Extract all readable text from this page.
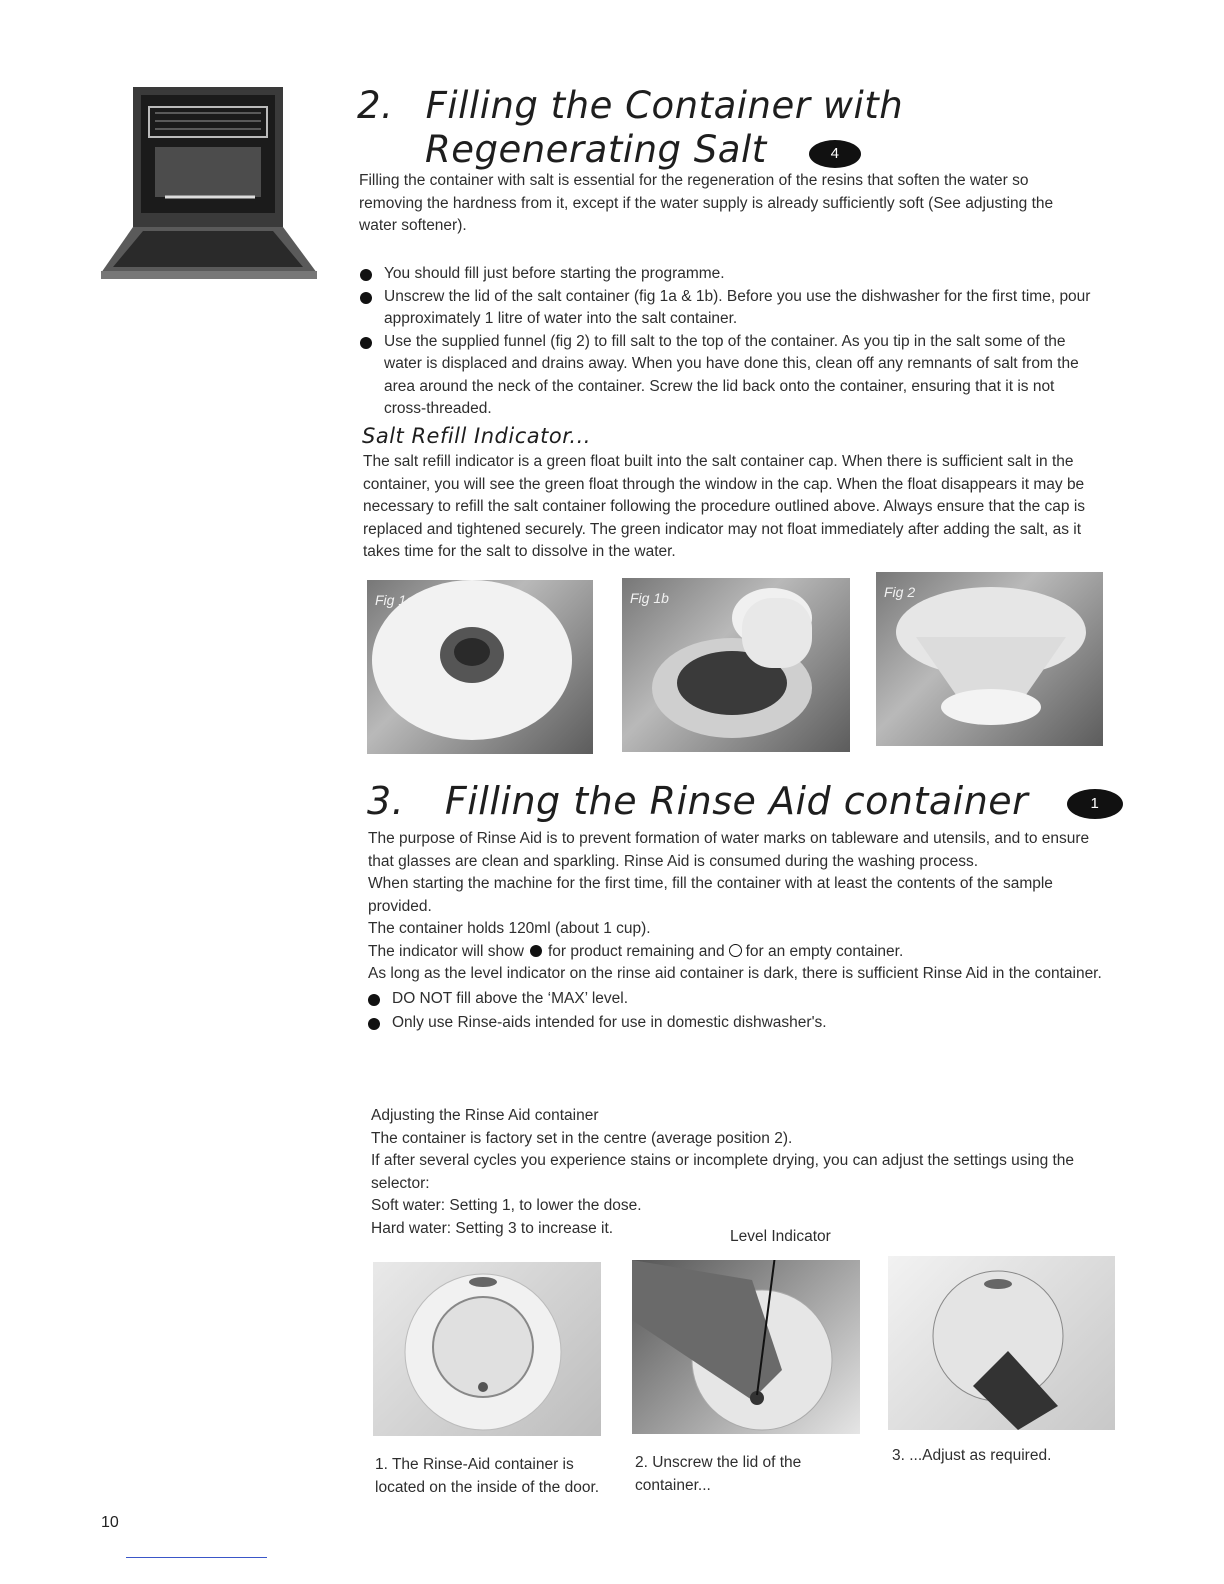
2. Filling the Container with
Regenerating Salt	4

Filling the container with salt is essential for the regeneration of the resins that soften the water so removing the hardness from it, except if the water supply is already sufficiently soft (See adjusting the water softener).

You should fill just before starting the programme.
Unscrew the lid of the salt container (fig 1a & 1b). Before you use the dishwasher for the first time, pour approximately 1 litre of water into the salt container.
Use the supplied funnel (fig 2) to fill salt to the top of the container. As you tip in the salt some of the water is displaced and drains away. When you have done this, clean off any remnants of salt from the area around the neck of the container. Screw the lid back onto the container, ensuring that it is not cross-threaded.
Salt Refill Indicator...

The salt refill indicator is a green float built into the salt container cap. When there is sufficient salt in the container, you will see the green float through the window in the cap. When the float disappears it may be necessary to refill the salt container following the procedure outlined above. Always ensure that the cap is replaced and tightened securely. The green indicator may not float immediately after adding the salt, as it takes time for the salt to dissolve in the water.

Fig 1a	Fig 1b	Fig 2
3. Filling the Rinse Aid container	1

The purpose of Rinse Aid is to prevent formation of water marks on tableware and utensils, and to ensure that glasses are clean and sparkling. Rinse Aid is consumed during the washing process.

When starting the machine for the first time, fill the container with at least the contents of the sample provided.

The container holds 120ml (about 1 cup).

The indicator will show for product remaining and for an empty container.

As long as the level indicator on the rinse aid container is dark, there is sufficient Rinse Aid in the container.

DO NOT fill above the ‘MAX’ level.
Only use Rinse-aids intended for use in domestic dishwasher's.

Adjusting the Rinse Aid container

The container is factory set in the centre (average position 2).

If after several cycles you experience stains or incomplete drying, you can adjust the settings using the selector:

Soft water: Setting 1, to lower the dose.

Hard water: Setting 3 to increase it.	Level Indicator

1. The Rinse-Aid container is located on the inside of the door.

2. Unscrew the lid of the container...

3. ...Adjust as required.

10
